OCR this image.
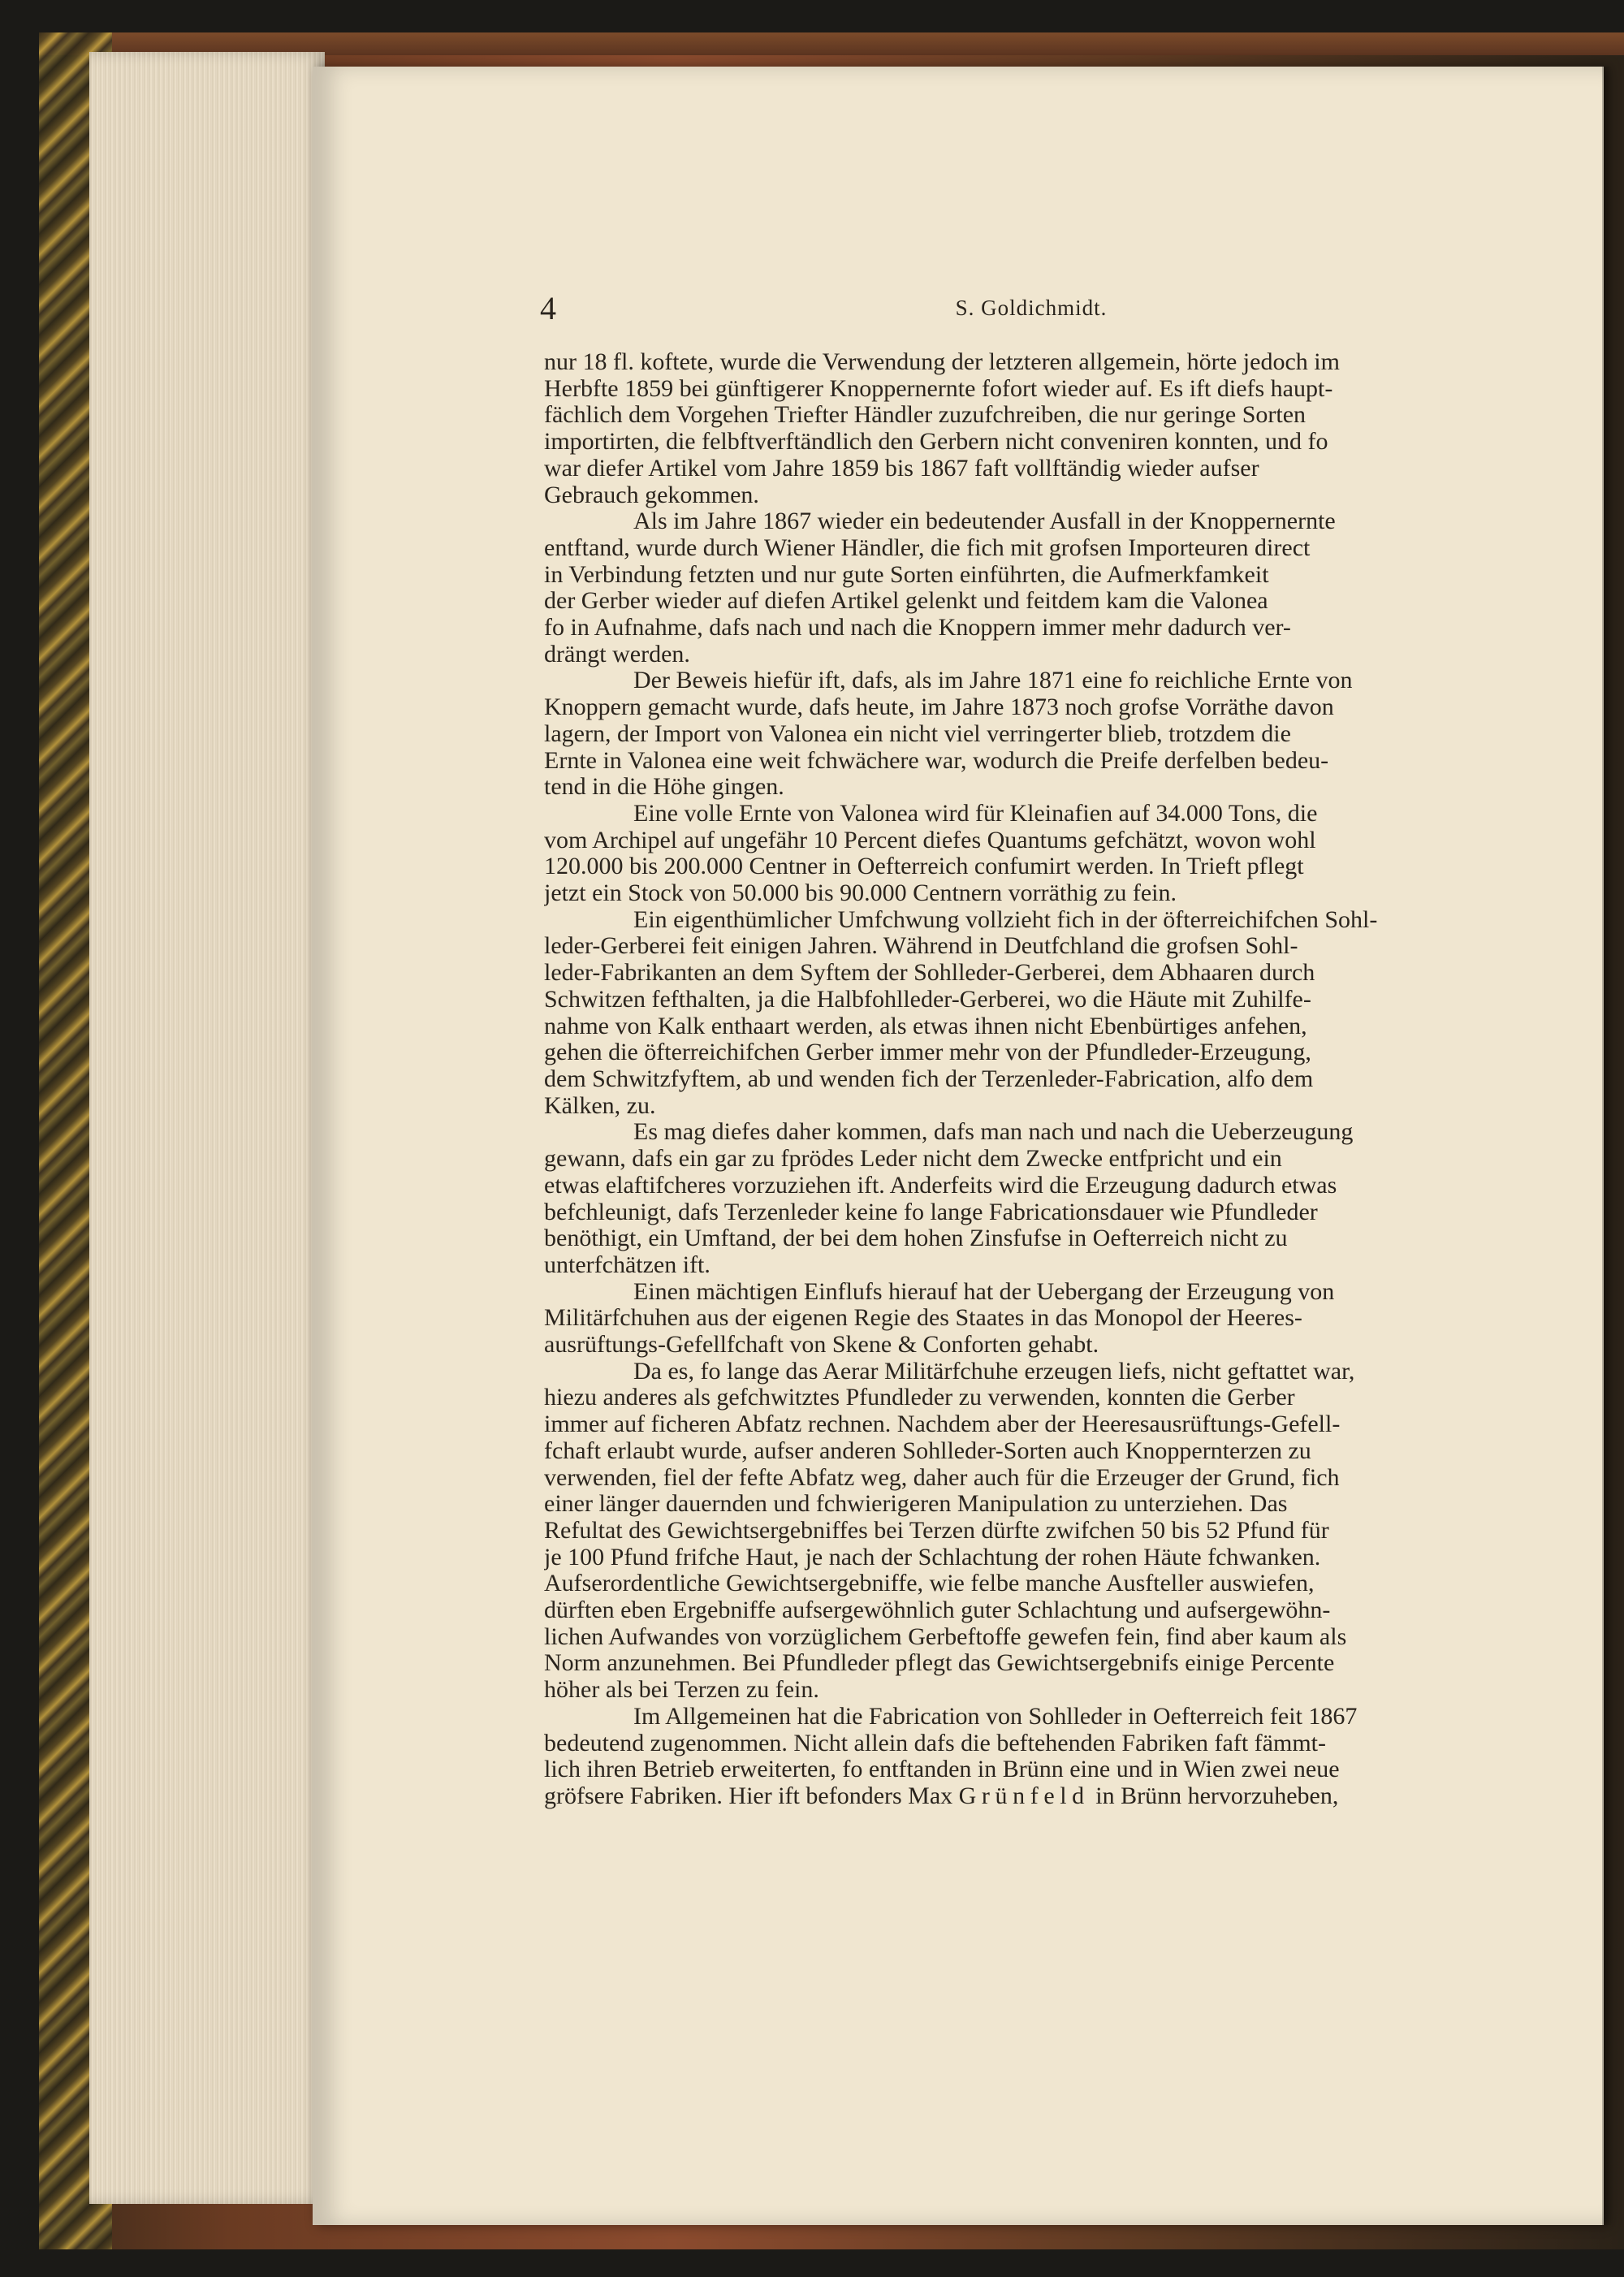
4	S. Goldichmidt.
nur 18 fl. koftete, wurde die Verwendung der letzteren allgemein, hörte jedoch im
Herbfte 1859 bei günftigerer Knoppernernte fofort wieder auf. Es ift diefs haupt-
fächlich dem Vorgehen Triefter Händler zuzufchreiben, die nur geringe Sorten
importirten, die felbftverftändlich den Gerbern nicht conveniren konnten, und fo
war diefer Artikel vom Jahre 1859 bis 1867 faft vollftändig wieder aufser
Gebrauch gekommen.
Als im Jahre 1867 wieder ein bedeutender Ausfall in der Knoppernernte
entftand, wurde durch Wiener Händler, die fich mit grofsen Importeuren direct
in Verbindung fetzten und nur gute Sorten einführten, die Aufmerkfamkeit
der Gerber wieder auf diefen Artikel gelenkt und feitdem kam die Valonea
fo in Aufnahme, dafs nach und nach die Knoppern immer mehr dadurch ver-
drängt werden.
Der Beweis hiefür ift, dafs, als im Jahre 1871 eine fo reichliche Ernte von
Knoppern gemacht wurde, dafs heute, im Jahre 1873 noch grofse Vorräthe davon
lagern, der Import von Valonea ein nicht viel verringerter blieb, trotzdem die
Ernte in Valonea eine weit fchwächere war, wodurch die Preife derfelben bedeu-
tend in die Höhe gingen.
Eine volle Ernte von Valonea wird für Kleinafien auf 34.000 Tons, die
vom Archipel auf ungefähr 10 Percent diefes Quantums gefchätzt, wovon wohl
120.000 bis 200.000 Centner in Oefterreich confumirt werden. In Trieft pflegt
jetzt ein Stock von 50.000 bis 90.000 Centnern vorräthig zu fein.
Ein eigenthümlicher Umfchwung vollzieht fich in der öfterreichifchen Sohl-
leder-Gerberei feit einigen Jahren. Während in Deutfchland die grofsen Sohl-
leder-Fabrikanten an dem Syftem der Sohlleder-Gerberei, dem Abhaaren durch
Schwitzen fefthalten, ja die Halbfohlleder-Gerberei, wo die Häute mit Zuhilfe-
nahme von Kalk enthaart werden, als etwas ihnen nicht Ebenbürtiges anfehen,
gehen die öfterreichifchen Gerber immer mehr von der Pfundleder-Erzeugung,
dem Schwitzfyftem, ab und wenden fich der Terzenleder-Fabrication, alfo dem
Kälken, zu.
Es mag diefes daher kommen, dafs man nach und nach die Ueberzeugung
gewann, dafs ein gar zu fprödes Leder nicht dem Zwecke entfpricht und ein
etwas elaftifcheres vorzuziehen ift. Anderfeits wird die Erzeugung dadurch etwas
befchleunigt, dafs Terzenleder keine fo lange Fabricationsdauer wie Pfundleder
benöthigt, ein Umftand, der bei dem hohen Zinsfufse in Oefterreich nicht zu
unterfchätzen ift.
Einen mächtigen Einflufs hierauf hat der Uebergang der Erzeugung von
Militärfchuhen aus der eigenen Regie des Staates in das Monopol der Heeres-
ausrüftungs-Gefellfchaft von Skene & Conforten gehabt.
Da es, fo lange das Aerar Militärfchuhe erzeugen liefs, nicht geftattet war,
hiezu anderes als gefchwitztes Pfundleder zu verwenden, konnten die Gerber
immer auf ficheren Abfatz rechnen. Nachdem aber der Heeresausrüftungs-Gefell-
fchaft erlaubt wurde, aufser anderen Sohlleder-Sorten auch Knoppernterzen zu
verwenden, fiel der fefte Abfatz weg, daher auch für die Erzeuger der Grund, fich
einer länger dauernden und fchwierigeren Manipulation zu unterziehen. Das
Refultat des Gewichtsergebniffes bei Terzen dürfte zwifchen 50 bis 52 Pfund für
je 100 Pfund frifche Haut, je nach der Schlachtung der rohen Häute fchwanken.
Aufserordentliche Gewichtsergebniffe, wie felbe manche Ausfteller auswiefen,
dürften eben Ergebniffe aufsergewöhnlich guter Schlachtung und aufsergewöhn-
lichen Aufwandes von vorzüglichem Gerbeftoffe gewefen fein, find aber kaum als
Norm anzunehmen. Bei Pfundleder pflegt das Gewichtsergebnifs einige Percente
höher als bei Terzen zu fein.
Im Allgemeinen hat die Fabrication von Sohlleder in Oefterreich feit 1867
bedeutend zugenommen. Nicht allein dafs die beftehenden Fabriken faft fämmt-
lich ihren Betrieb erweiterten, fo entftanden in Brünn eine und in Wien zwei neue
gröfsere Fabriken. Hier ift befonders Max Grünfeld in Brünn hervorzuheben,
